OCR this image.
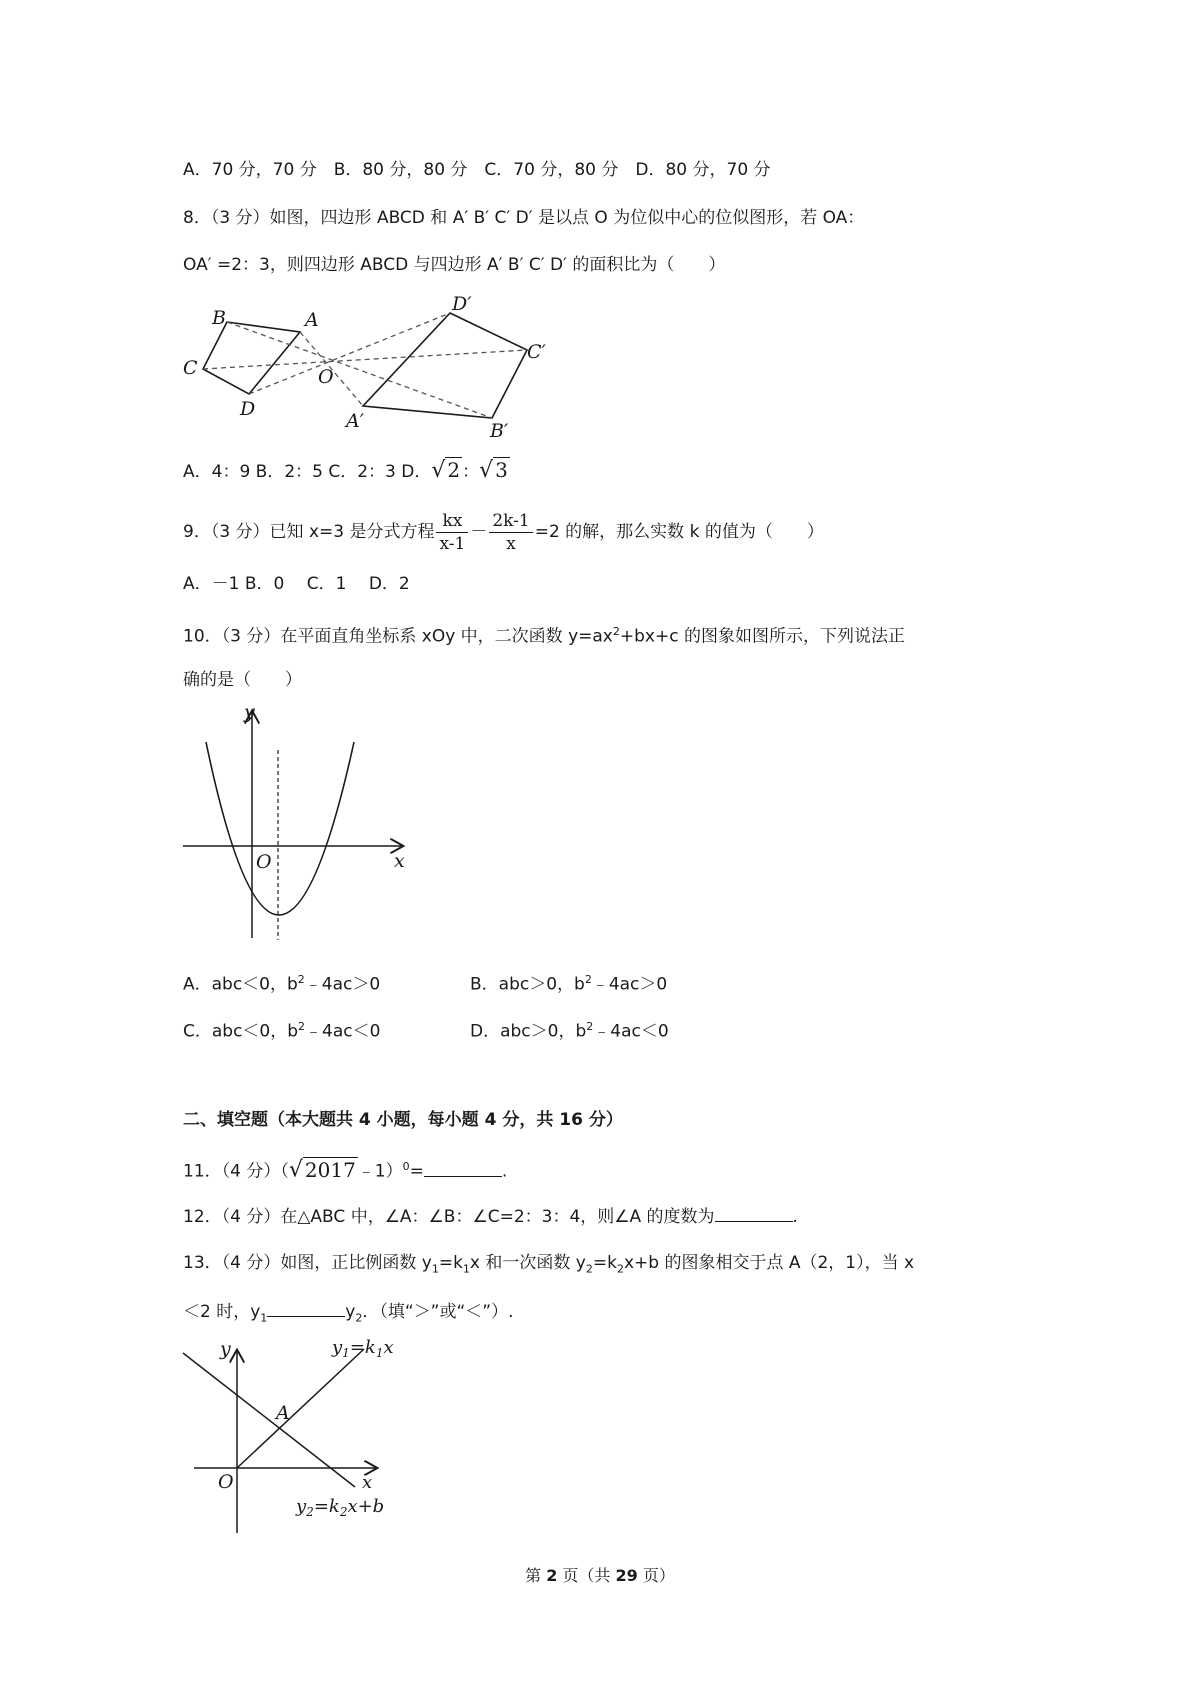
A．70 分，70 分　B．80 分，80 分　C．70 分，80 分　D．80 分，70 分
8．（3 分）如图，四边形 ABCD 和 A′ B′ C′ D′ 是以点 O 为位似中心的位似图形，若 OA：
OA′ =2：3，则四边形 ABCD 与四边形 A′ B′ C′ D′ 的面积比为（　　）
B	A
C
D
O
D′
C′
A′	B′
A．4：9 B．2：5 C．2：3 D．√ 2 ：√ 3
9．（3 分）已知 x=3 是分式方程 $\frac{kx}{x-1} - \frac{2k-1}{x} =2$ 的解，那么实数 k 的值为（　　）
A．－1 B．0　 C．1　 D．2
10．（3 分）在平面直角坐标系 xOy 中，二次函数 $y=ax^2+bx+c$ 的图象如图所示，下列说法正
确的是（　　）
y
x
O
A．abc＜0，$b^2﹣4ac>0$	B．abc＞0，$b^2﹣4ac>0$
C．abc＜0，$b^2﹣4ac<0$	D．abc＞0，$b^2﹣4ac<0$
二、填空题（本大题共 4 小题，每小题 4 分，共 16 分）
11．（4 分）（√ 2017 ﹣1）$^0$=	.
12．（4 分）在△ABC 中，∠A：∠B：∠C=2：3：4，则∠A 的度数为	.
13．（4 分）如图，正比例函数 $y_1=k_1x$ 和一次函数 $y_2=k_2x+b$ 的图象相交于点 A（2，1），当 x
＜2 时，$y_1$	$y_2$．（填“＞”或“＜”）.
y
x
O
A
$y_1=k_1x$
$y_2=k_2x+b$
第 2 页（共 29 页）
